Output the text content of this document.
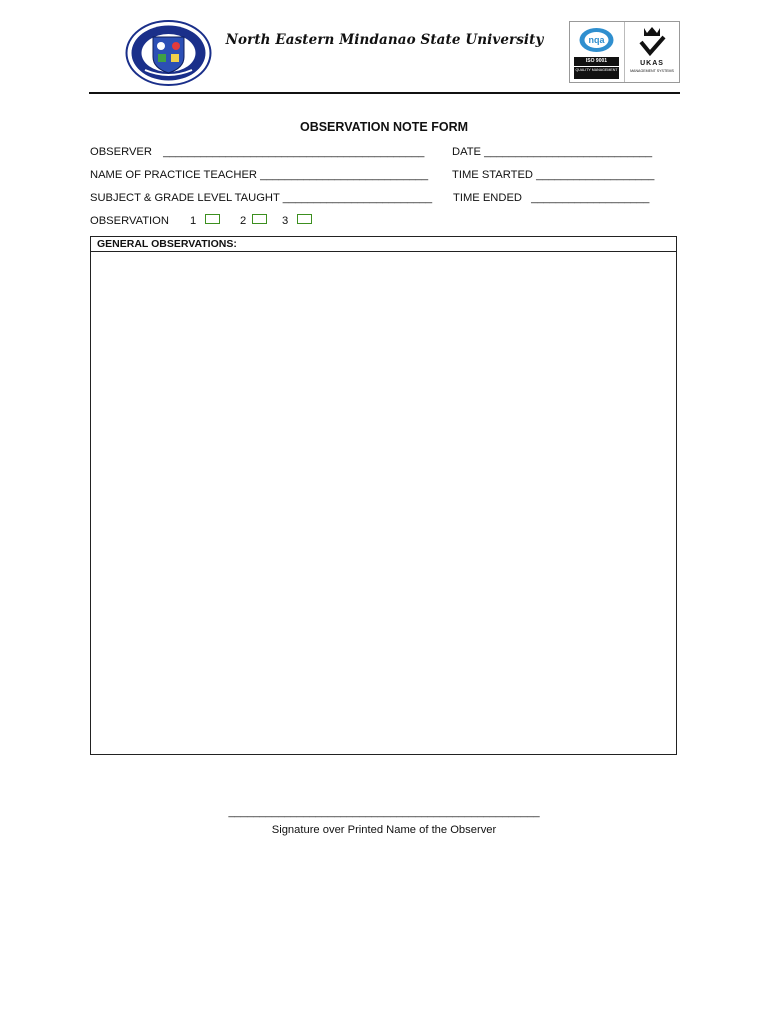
North Eastern Mindanao State University	nqa
ISO 9001
QUALITY MANAGEMENT
UKAS
MANAGEMENT SYSTEMS
OBSERVATION NOTE FORM
OBSERVER __________________________________________ DATE ___________________________
NAME OF PRACTICE TEACHER ___________________________ TIME STARTED ___________________
SUBJECT & GRADE LEVEL TAUGHT ________________________ TIME ENDED ___________________
OBSERVATION 1	2	3
GENERAL OBSERVATIONS:
__________________________________________________
Signature over Printed Name of the Observer
